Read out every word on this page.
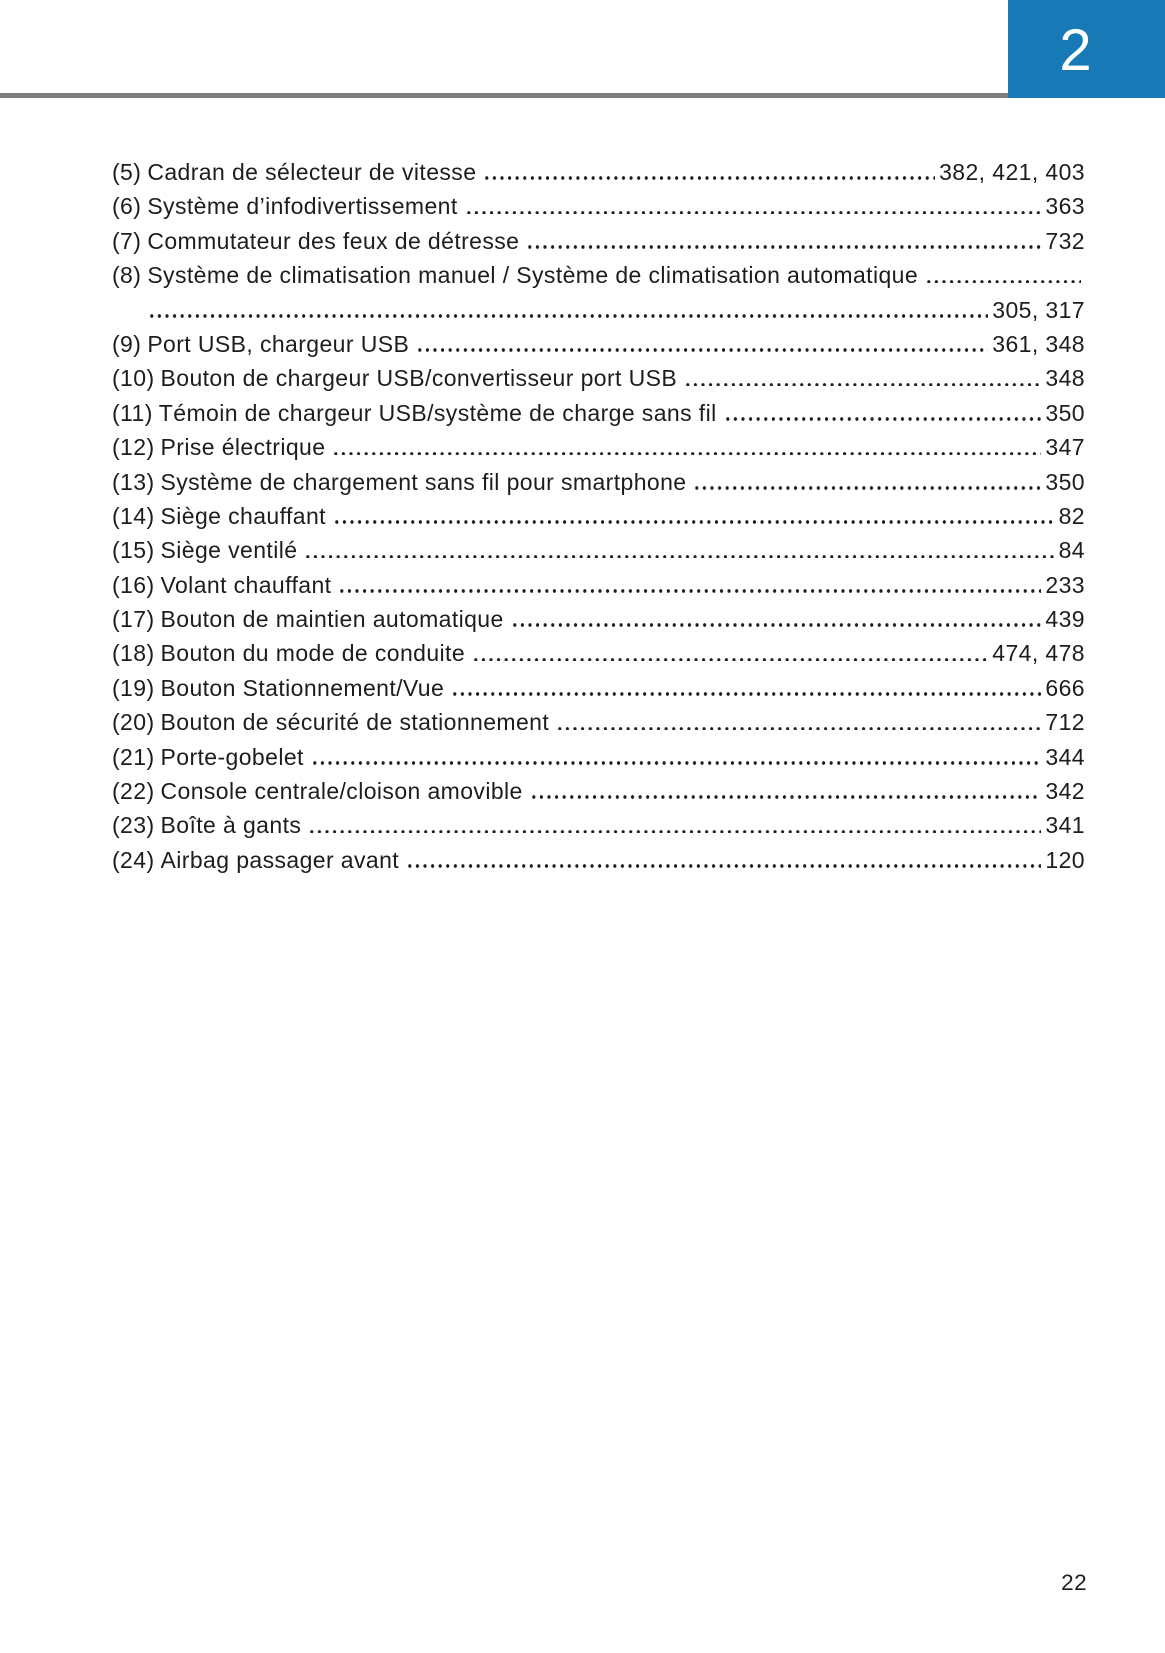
2
(5) Cadran de sélecteur de vitesse	382, 421, 403
(6) Système d’infodivertissement	363
(7) Commutateur des feux de détresse	732
(8) Système de climatisation manuel / Système de climatisation automatique
305, 317
(9) Port USB, chargeur USB	361, 348
(10) Bouton de chargeur USB/convertisseur port USB	348
(11) Témoin de chargeur USB/système de charge sans fil	350
(12) Prise électrique	347
(13) Système de chargement sans fil pour smartphone	350
(14) Siège chauffant	82
(15) Siège ventilé	84
(16) Volant chauffant	233
(17) Bouton de maintien automatique	439
(18) Bouton du mode de conduite	474, 478
(19) Bouton Stationnement/Vue	666
(20) Bouton de sécurité de stationnement	712
(21) Porte-gobelet	344
(22) Console centrale/cloison amovible	342
(23) Boîte à gants	341
(24) Airbag passager avant	120
22
